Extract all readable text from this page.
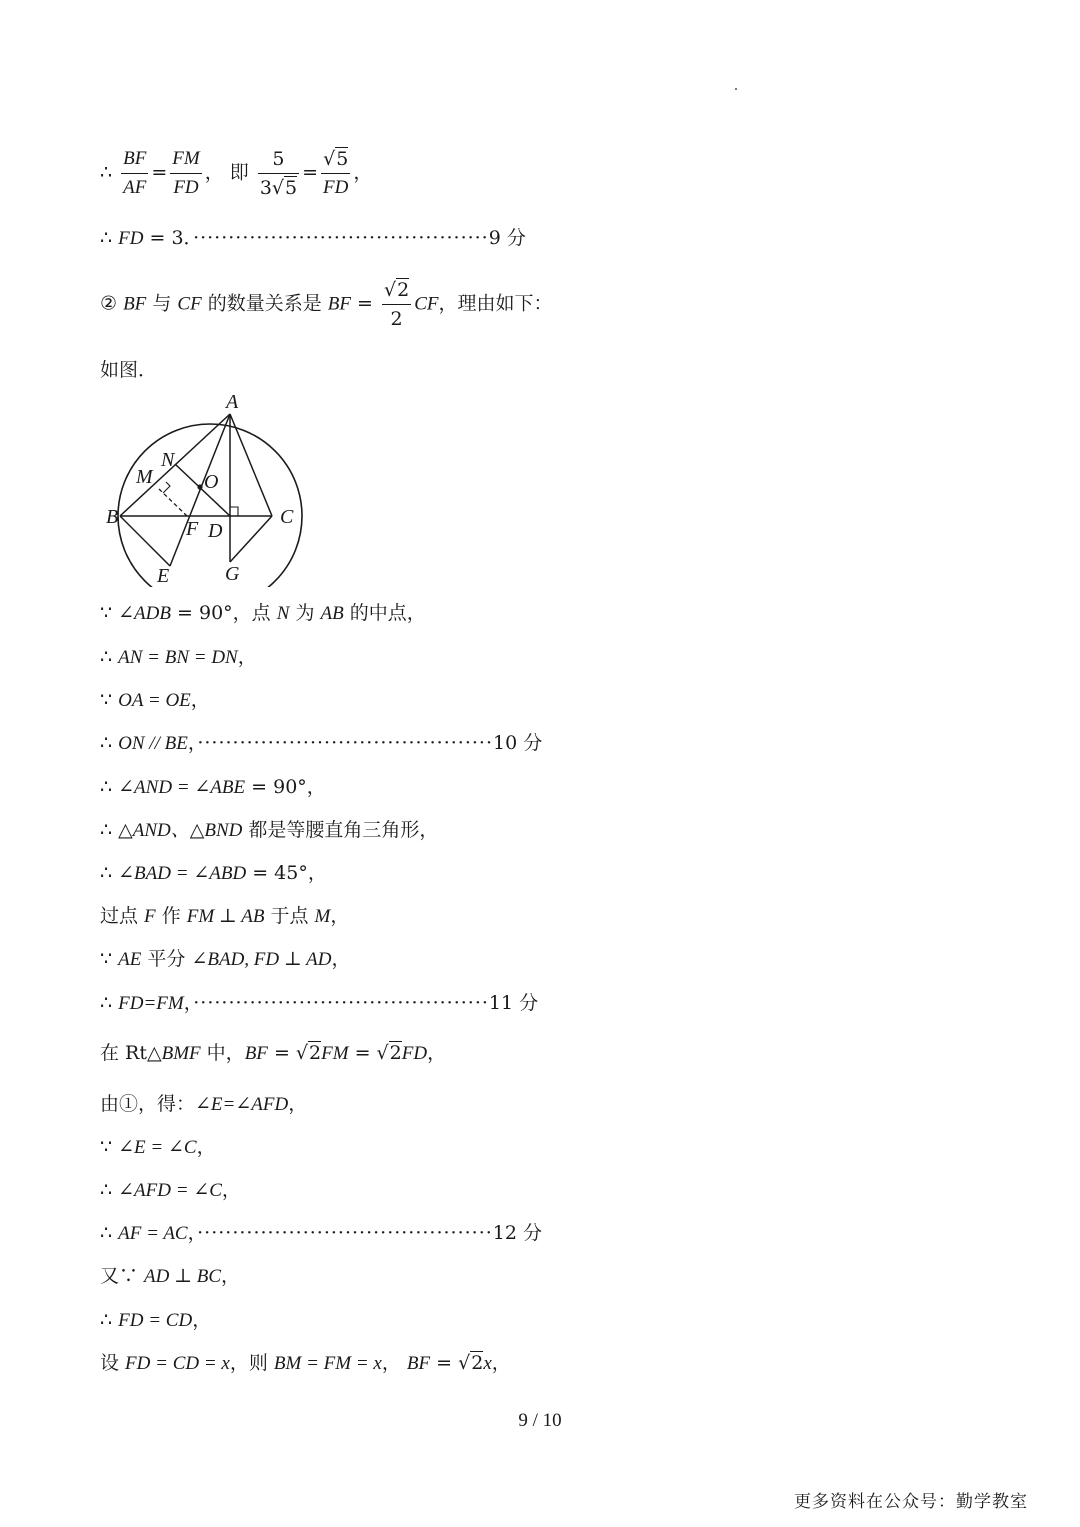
∴ $\frac{BF}{AF} = \frac{FM}{FD}$ ， 即 $\frac{5}{3√5} = \frac{√5}{FD}$ ，
∴ FD = 3．··········································9 分
② BF 与 CF 的数量关系是 BF = $\frac{√2}{2}$ CF，理由如下：
如图．
A
B	C
D
E
F
G
M
N
O
∵ ∠ADB = 90°，点 N 为 AB 的中点，
∴ AN = BN = DN，
∵ OA = OE，
∴ ON // BE，··········································10 分
∴ ∠AND = ∠ABE = 90°，
∴ △AND、△BND 都是等腰直角三角形，
∴ ∠BAD = ∠ABD = 45°，
过点 F 作 FM ⊥ AB 于点 M，
∵ AE 平分 ∠BAD, FD ⊥ AD，
∴ FD=FM，··········································11 分
在 Rt△BMF 中，BF = √2FM = √2FD，
由①，得：∠E=∠AFD，
∵ ∠E = ∠C，
∴ ∠AFD = ∠C，
∴ AF = AC，··········································12 分
又∵ AD ⊥ BC，
∴ FD = CD，
设 FD = CD = x，则 BM = FM = x， BF = √2x，
9 / 10
更多资料在公众号：勤学教室
